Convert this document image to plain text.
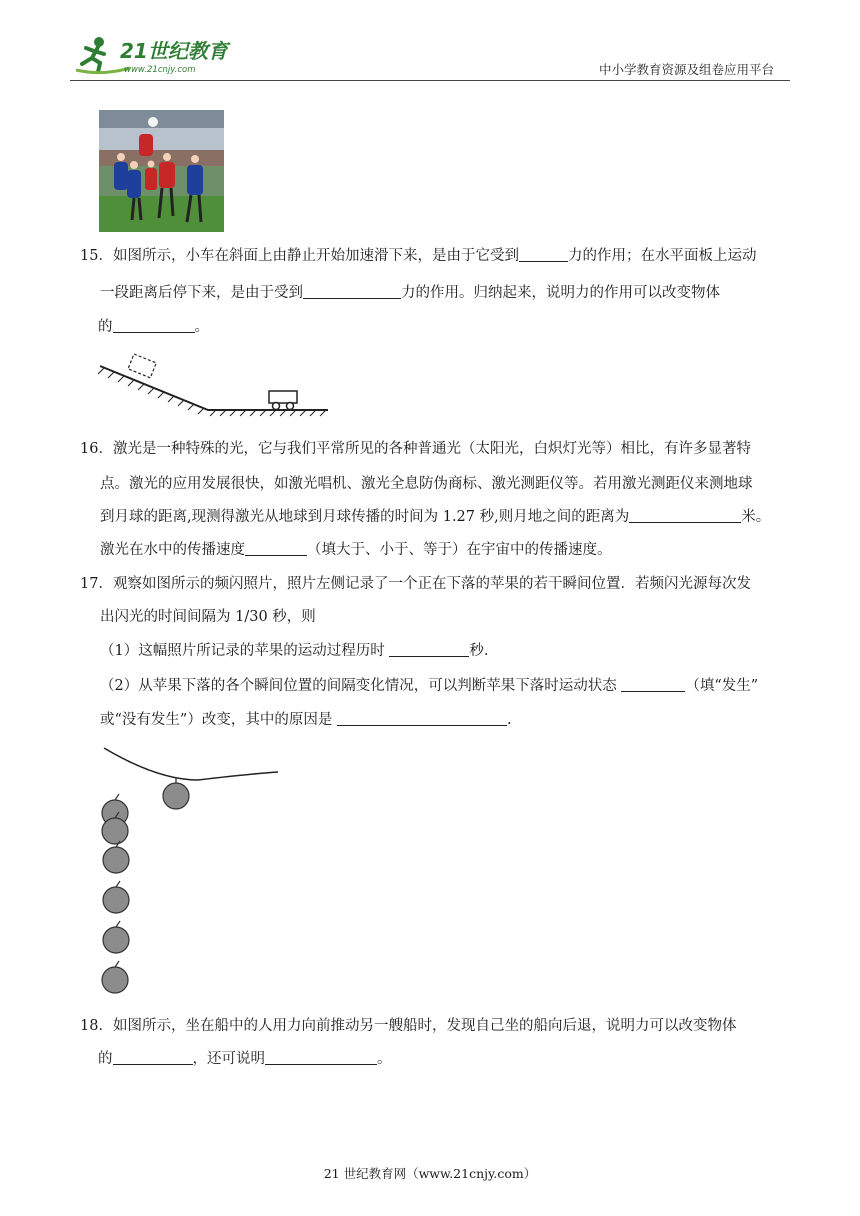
21世纪教育
www.21cnjy.com	中小学教育资源及组卷应用平台
15．如图所示，小车在斜面上由静止开始加速滑下来，是由于它受到	力的作用；在水平面板上运动
一段距离后停下来，是由于受到	力的作用。归纳起来，说明力的作用可以改变物体
的	。
16．激光是一种特殊的光，它与我们平常所见的各种普通光（太阳光，白炽灯光等）相比，有许多显著特
点。激光的应用发展很快，如激光唱机、激光全息防伪商标、激光测距仪等。若用激光测距仪来测地球
到月球的距离,现测得激光从地球到月球传播的时间为 1.27 秒,则月地之间的距离为	米。
激光在水中的传播速度	（填大于、小于、等于）在宇宙中的传播速度。
17．观察如图所示的频闪照片，照片左侧记录了一个正在下落的苹果的若干瞬间位置．若频闪光源每次发
出闪光的时间间隔为 1/30 秒，则
（1）这幅照片所记录的苹果的运动过程历时	秒.
（2）从苹果下落的各个瞬间位置的间隔变化情况，可以判断苹果下落时运动状态	（填“发生”
或“没有发生”）改变，其中的原因是	.
18．如图所示，坐在船中的人用力向前推动另一艘船时，发现自己坐的船向后退，说明力可以改变物体
的	，还可说明	。
21 世纪教育网（www.21cnjy.com）
